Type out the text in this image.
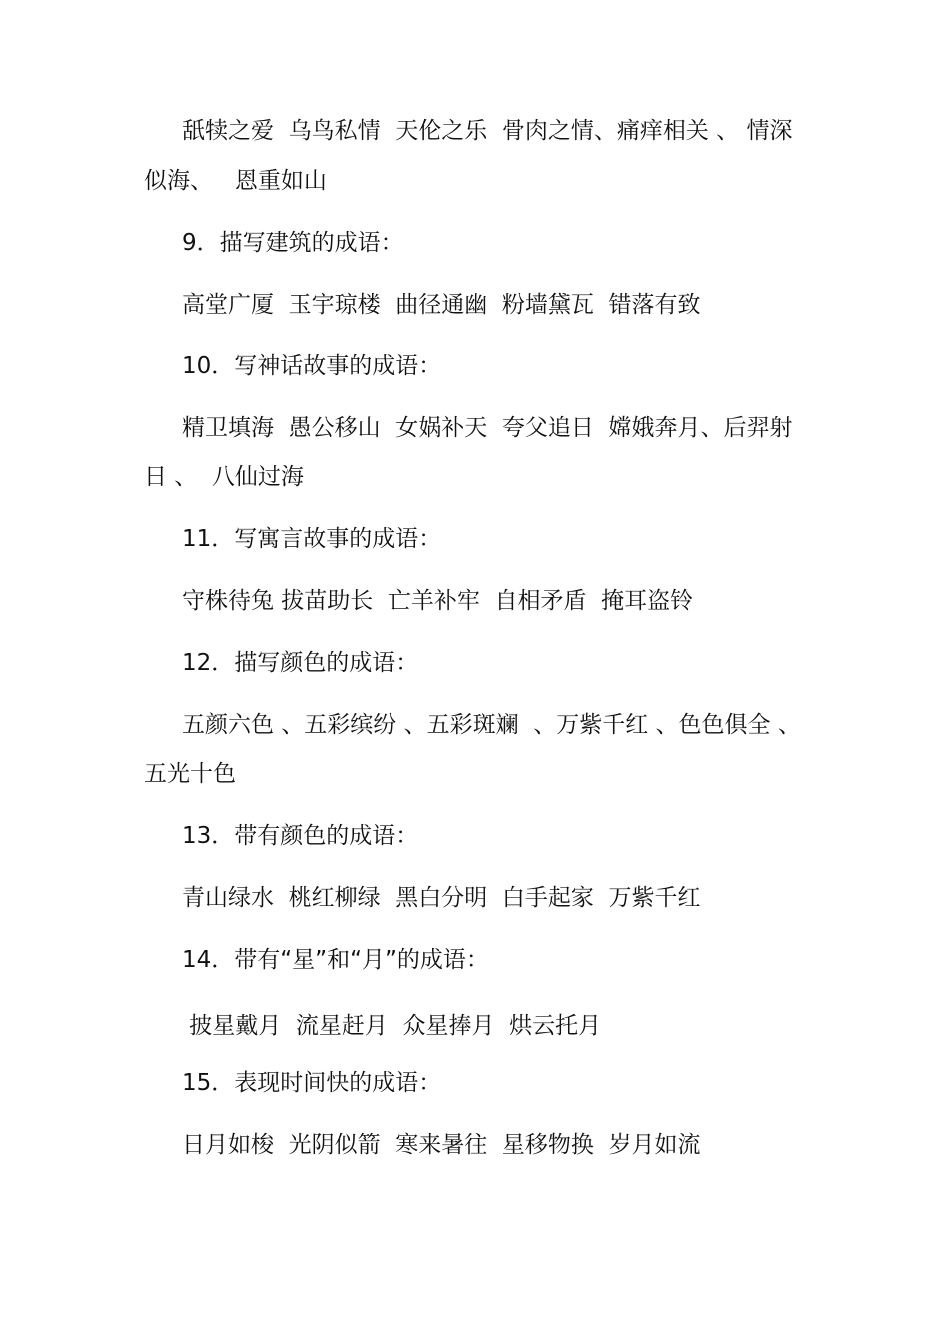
舐犊之爱  乌鸟私情  天伦之乐  骨肉之情、痛痒相关 、 情深
似海、   恩重如山
9．描写建筑的成语：
高堂广厦  玉宇琼楼  曲径通幽  粉墙黛瓦  错落有致
10．写神话故事的成语：
精卫填海  愚公移山  女娲补天  夸父追日  嫦娥奔月、后羿射
日 、  八仙过海
11．写寓言故事的成语：
守株待兔 拔苗助长  亡羊补牢  自相矛盾  掩耳盗铃
12．描写颜色的成语：
五颜六色 、五彩缤纷 、五彩斑斓  、万紫千红 、色色俱全 、
五光十色
13．带有颜色的成语：
青山绿水  桃红柳绿  黑白分明  白手起家  万紫千红
14．带有“星”和“月”的成语：
披星戴月  流星赶月  众星捧月  烘云托月
15．表现时间快的成语：
日月如梭  光阴似箭  寒来暑往  星移物换  岁月如流
